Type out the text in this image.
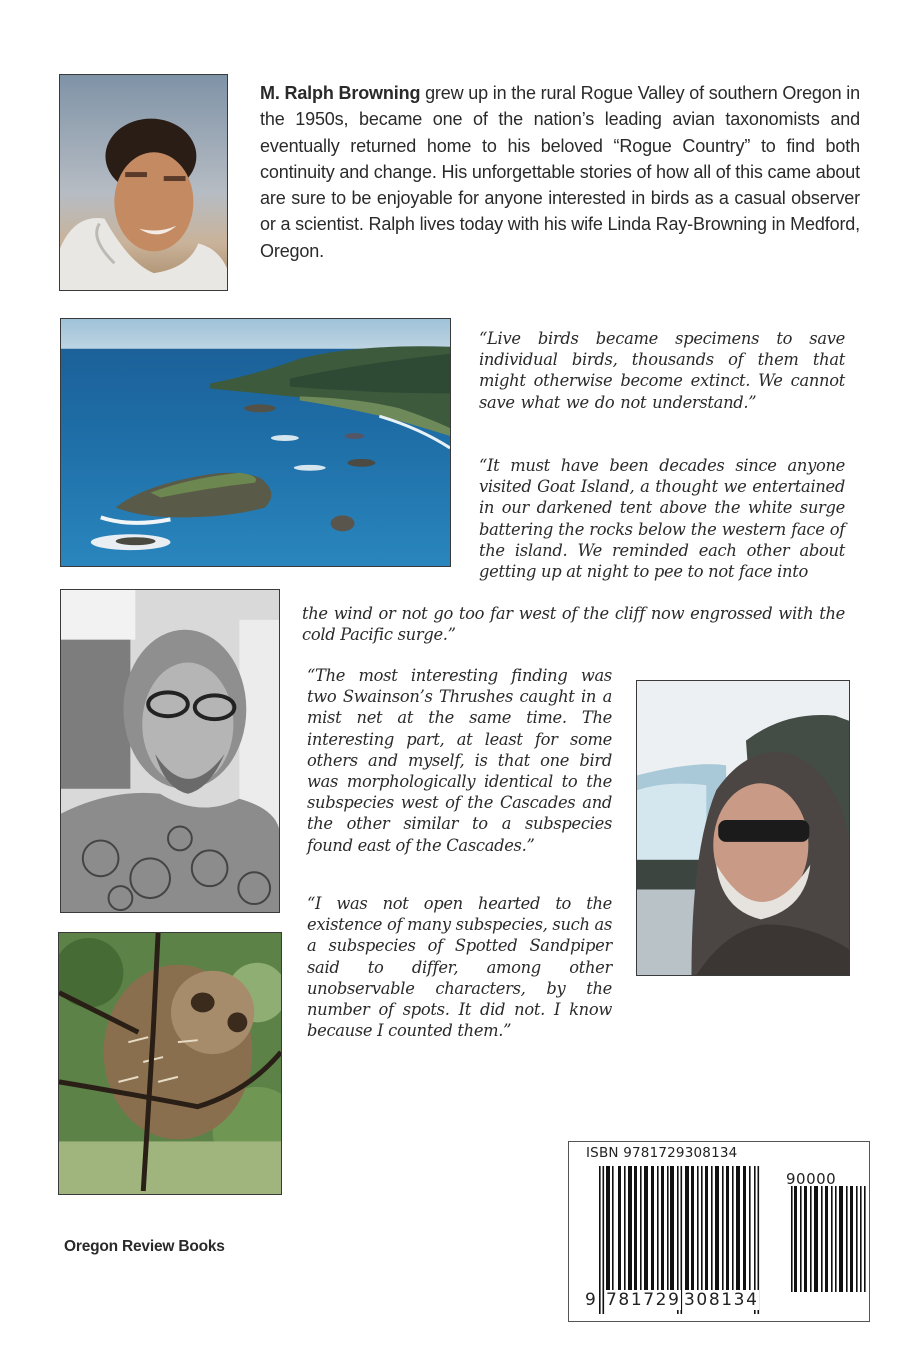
M. Ralph Browning grew up in the rural Rogue Valley of southern Oregon in the 1950s, became one of the nation’s leading avian taxonomists and eventually returned home to his beloved “Rogue Country” to find both continuity and change. His unforgettable stories of how all of this came about are sure to be enjoyable for anyone interested in birds as a casual observer or a scientist. Ralph lives today with his wife Linda Ray-Browning in Medford, Oregon.

“Live birds became specimens to save individual birds, thousands of them that might otherwise become extinct. We cannot save what we do not understand.”

“It must have been decades since anyone visited Goat Island, a thought we entertained in our darkened tent above the white surge battering the rocks below the western face of the island. We reminded each other about getting up at night to pee to not face into

the wind or not go too far west of the cliff now engrossed with the cold Pacific surge.”

“The most interesting finding was two Swainson’s Thrushes caught in a mist net at the same time. The interesting part, at least for some others and myself, is that one bird was morphologically identical to the subspecies west of the Cascades and the other similar to a subspecies found east of the Cascades.”

“I was not open hearted to the existence of many subspecies, such as a subspecies of Spotted Sandpiper said to differ, among other unobservable characters, by the number of spots. It did not. I know because I counted them.”

Oregon Review Books
ISBN 9781729308134
90000
9 781729 308134
